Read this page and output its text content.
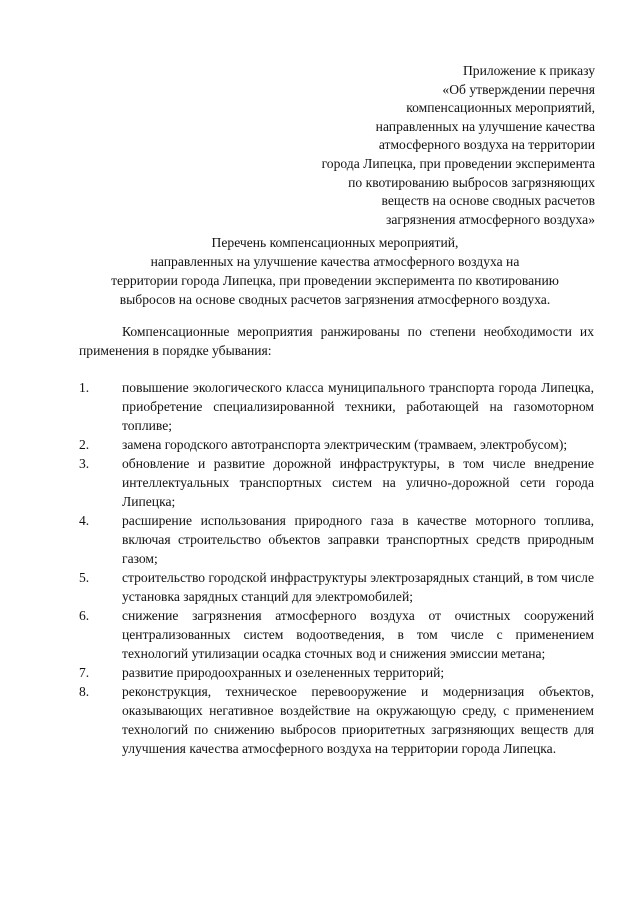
Приложение к приказу
«Об утверждении перечня
компенсационных мероприятий,
направленных на улучшение качества
атмосферного воздуха на территории
города Липецка, при проведении эксперимента
по квотированию выбросов загрязняющих
веществ на основе сводных расчетов
загрязнения атмосферного воздуха»
Перечень компенсационных мероприятий,
направленных на улучшение качества атмосферного воздуха на
территории города Липецка, при проведении эксперимента по квотированию
выбросов на основе сводных расчетов загрязнения атмосферного воздуха.
Компенсационные мероприятия ранжированы по степени необходимости их применения в порядке убывания:
1.	повышение экологического класса муниципального транспорта города Липецка, приобретение специализированной техники, работающей на газомоторном топливе;
2.	замена городского автотранспорта электрическим (трамваем, электробусом);
3.	обновление и развитие дорожной инфраструктуры, в том числе внедрение интеллектуальных транспортных систем на улично-дорожной сети города Липецка;
4.	расширение использования природного газа в качестве моторного топлива, включая строительство объектов заправки транспортных средств природным газом;
5.	строительство городской инфраструктуры электрозарядных станций, в том числе установка зарядных станций для электромобилей;
6.	снижение загрязнения атмосферного воздуха от очистных сооружений централизованных систем водоотведения, в том числе с применением технологий утилизации осадка сточных вод и снижения эмиссии метана;
7.	развитие природоохранных и озелененных территорий;
8.	реконструкция, техническое перевооружение и модернизация объектов, оказывающих негативное воздействие на окружающую среду, с применением технологий по снижению выбросов приоритетных загрязняющих веществ для улучшения качества атмосферного воздуха на территории города Липецка.
